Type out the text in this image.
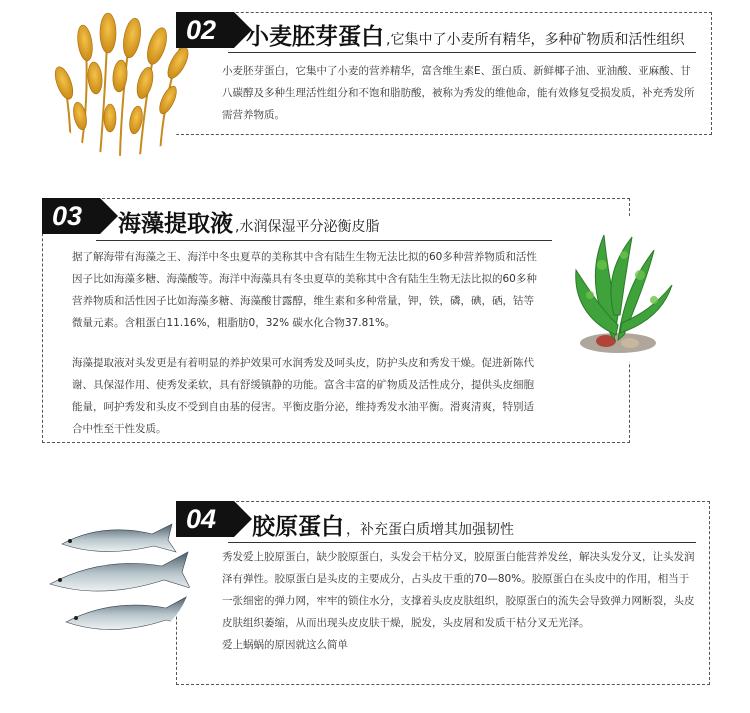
02	小麦胚芽蛋白 ,它集中了小麦所有精华，多种矿物质和活性组织

小麦胚芽蛋白，它集中了小麦的营养精华，富含维生素E、蛋白质、新鲜椰子油、亚油酸、亚麻酸、甘八碳醇及多种生理活性组分和不饱和脂肪酸，被称为秀发的维他命，能有效修复受损发质，补充秀发所需营养物质。

03	海藻提取液 ,水润保湿平分泌衡皮脂

据了解海带有海藻之王、海洋中冬虫夏草的美称其中含有陆生生物无法比拟的60多种营养物质和活性因子比如海藻多糖、海藻酸等。海洋中海藻具有冬虫夏草的美称其中含有陆生生物无法比拟的60多种营养物质和活性因子比如海藻多糖、海藻酸甘露醇，维生素和多种常量，钾，铁，磷，碘，硒，钴等微量元素。含粗蛋白11.16%，粗脂肪0，32% 碳水化合物37.81%。

海藻提取液对头发更是有着明显的养护效果可水润秀发及呵头皮，防护头皮和秀发干燥。促进新陈代谢、具保湿作用、使秀发柔软，具有舒缓镇静的功能。富含丰富的矿物质及活性成分，提供头皮细胞能量，呵护秀发和头皮不受到自由基的侵害。平衡皮脂分泌，维持秀发水油平衡。滑爽清爽，特别适合中性至干性发质。

04	胶原蛋白 ，补充蛋白质增其加强韧性

秀发爱上胶原蛋白，缺少胶原蛋白，头发会干枯分叉，胶原蛋白能营养发丝，解决头发分叉，让头发润泽有弹性。胶原蛋白是头皮的主要成分，占头皮干重的70—80%。胶原蛋白在头皮中的作用，相当于一张细密的弹力网，牢牢的锁住水分，支撑着头皮皮肤组织，胶原蛋白的流失会导致弹力网断裂，头皮皮肤组织萎缩，从而出现头皮皮肤干燥，脱发，头皮屑和发质干枯分叉无光泽。

爱上蜗蜗的原因就这么简单
